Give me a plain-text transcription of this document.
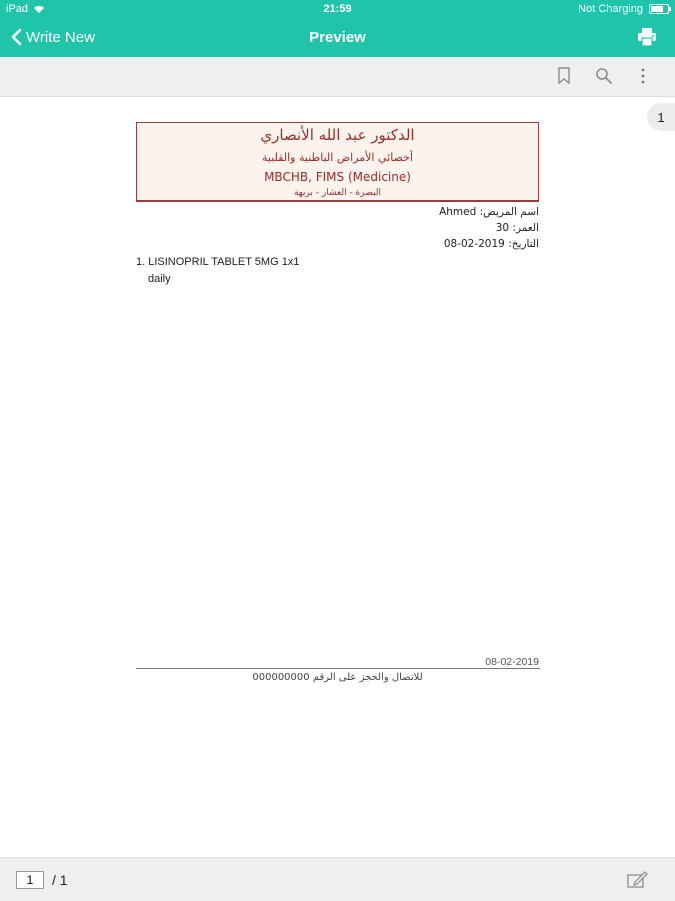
iPad	21:59	Not Charging
Write New	Preview
1
الدكتور عبد الله الأنصاري
أخصائي الأمراض الباطنية والقلبية
MBCHB, FIMS (Medicine)
البصرة - العشار - بريهة
Ahmed اسم المريض:
30 العمر:
08-02-2019 التاريخ:
1. LISINOPRIL TABLET 5MG 1x1
daily
08-02-2019
للاتصال والحجز على الرقم 000000000
1
/ 1
